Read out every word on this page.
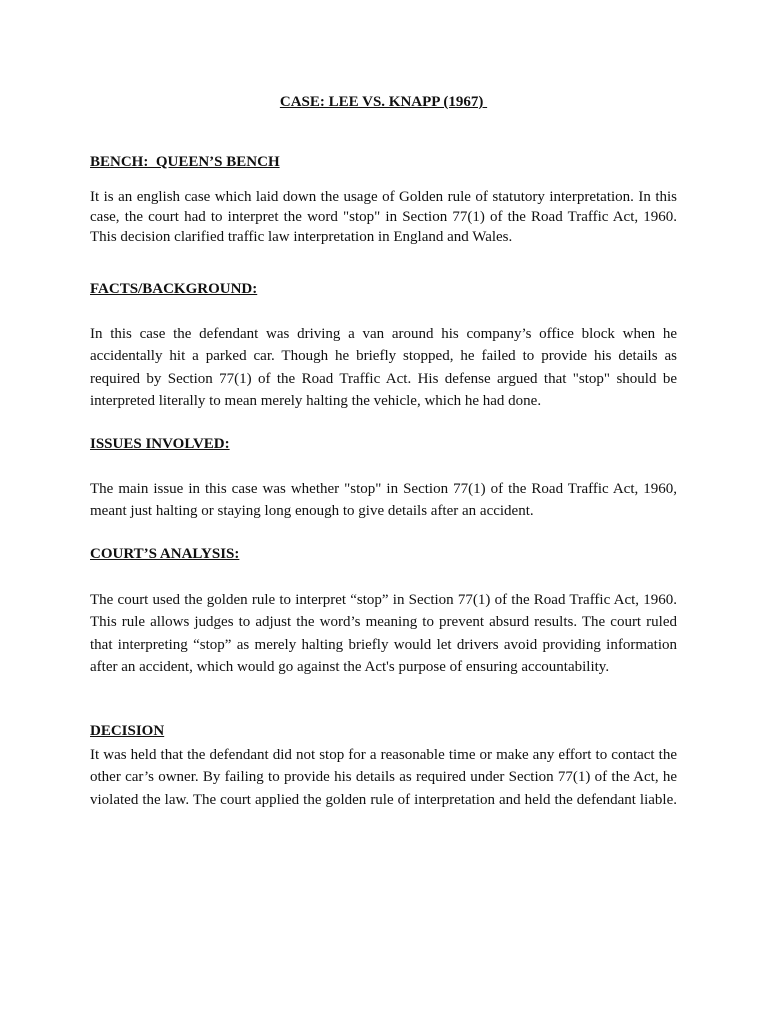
CASE: LEE VS. KNAPP (1967)
BENCH:  QUEEN’S BENCH
It is an english case which laid down the usage of Golden rule of statutory interpretation. In this case, the court had to interpret the word "stop" in Section 77(1) of the Road Traffic Act, 1960. This decision clarified traffic law interpretation in England and Wales.
FACTS/BACKGROUND:
In this case the defendant was driving a van around his company’s office block when he accidentally hit a parked car. Though he briefly stopped, he failed to provide his details as required by Section 77(1) of the Road Traffic Act. His defense argued that "stop" should be interpreted literally to mean merely halting the vehicle, which he had done.
ISSUES INVOLVED:
The main issue in this case was whether "stop" in Section 77(1) of the Road Traffic Act, 1960, meant just halting or staying long enough to give details after an accident.
COURT’S ANALYSIS:
The court used the golden rule to interpret “stop” in Section 77(1) of the Road Traffic Act, 1960. This rule allows judges to adjust the word’s meaning to prevent absurd results. The court ruled that interpreting “stop” as merely halting briefly would let drivers avoid providing information after an accident, which would go against the Act's purpose of ensuring accountability.
DECISION
It was held that the defendant did not stop for a reasonable time or make any effort to contact the other car’s owner. By failing to provide his details as required under Section 77(1) of the Act, he violated the law. The court applied the golden rule of interpretation and held the defendant liable.
